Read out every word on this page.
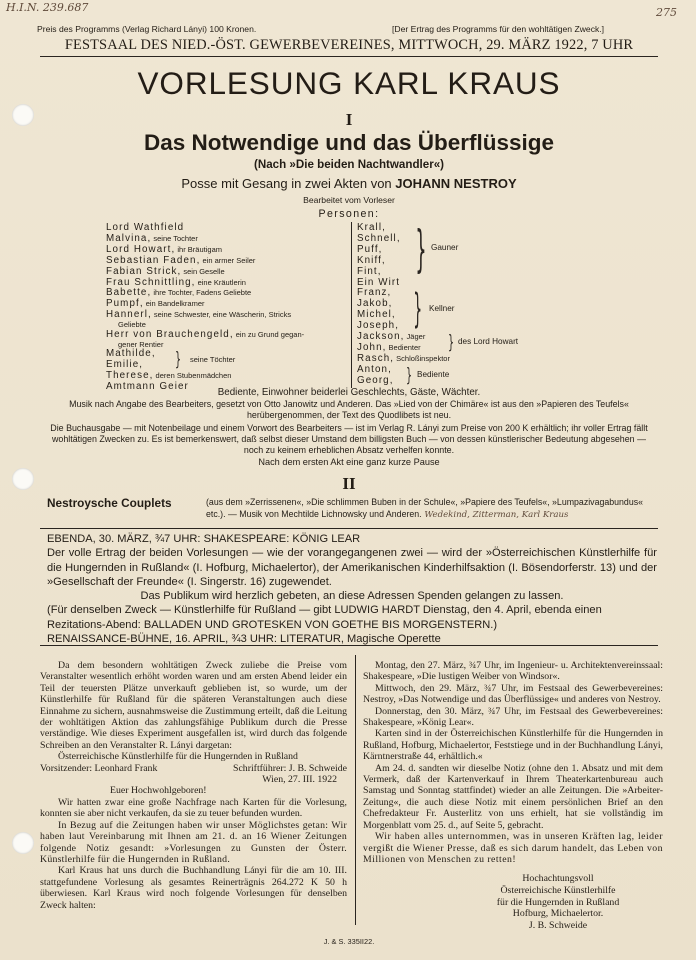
H.I.N. 239.687	275
Preis des Programms (Verlag Richard Lányi) 100 Kronen.	[Der Ertrag des Programms für den wohltätigen Zweck.]
FESTSAAL DES NIED.-ÖST. GEWERBEVEREINES, MITTWOCH, 29. MÄRZ 1922, 7 UHR
VORLESUNG KARL KRAUS
I
Das Notwendige und das Überflüssige
(Nach »Die beiden Nachtwandler«)
Posse mit Gesang in zwei Akten von JOHANN NESTROY
Bearbeitet vom Vorleser
Personen:
Lord Wathfield
Malvina, seine Tochter
Lord Howart, ihr Bräutigam
Sebastian Faden, ein armer Seiler
Fabian Strick, sein Geselle
Frau Schnittling, eine Kräutlerin
Babette, ihre Tochter, Fadens Geliebte
Pumpf, ein Bandelkramer
Hannerl, seine Schwester, eine Wäscherin, Stricks
Geliebte
Herr von Brauchengeld, ein zu Grund gegan-
gener Rentier
Mathilde,
Emilie,	} seine Töchter
Therese, deren Stubenmädchen
Amtmann Geier
Krall,
Schnell,
Puff,
Kniff,
Fint, } Gauner
Ein Wirt
Franz,
Jakob,
Michel,
Joseph, } Kellner
Jackson, Jäger
John, Bedienter	} des Lord Howart
Rasch, Schloßinspektor
Anton,
Georg, } Bediente
Bediente, Einwohner beiderlei Geschlechts, Gäste, Wächter.
Musik nach Angabe des Bearbeiters, gesetzt von Otto Janowitz und Anderen. Das »Lied von der Chimäre« ist aus den »Papieren des Teufels« herübergenommen, der Text des Quodlibets ist neu.
Die Buchausgabe — mit Notenbeilage und einem Vorwort des Bearbeiters — ist im Verlag R. Lányi zum Preise von 200 K erhältlich; ihr voller Ertrag fällt wohltätigen Zwecken zu. Es ist bemerkenswert, daß selbst dieser Umstand dem billigsten Buch — von dessen künstlerischer Bedeutung abgesehen — noch zu keinem erheblichen Absatz verhelfen konnte.
Nach dem ersten Akt eine ganz kurze Pause
II
Nestroysche Couplets	(aus dem »Zerrissenen«, »Die schlimmen Buben in der Schule«, »Papiere des Teufels«, »Lumpazivagabundus« etc.). — Musik von Mechtilde Lichnowsky und Anderen. Wedekind, Zitterman, Karl Kraus
EBENDA, 30. MÄRZ, ¾7 UHR: SHAKESPEARE: KÖNIG LEAR
Der volle Ertrag der beiden Vorlesungen — wie der vorangegangenen zwei — wird der »Österreichischen Künstlerhilfe für die Hungernden in Rußland« (I. Hofburg, Michaelertor), der Amerikanischen Kinderhilfsaktion (I. Bösendorferstr. 13) und der »Gesellschaft der Freunde« (I. Singerstr. 16) zugewendet.
Das Publikum wird herzlich gebeten, an diese Adressen Spenden gelangen zu lassen.
(Für denselben Zweck — Künstlerhilfe für Rußland — gibt LUDWIG HARDT Dienstag, den 4. April, ebenda einen Rezitations-Abend: BALLADEN UND GROTESKEN VON GOETHE BIS MORGENSTERN.)
RENAISSANCE-BÜHNE, 16. APRIL, ¾3 UHR: LITERATUR, Magische Operette

Da dem besondern wohltätigen Zweck zuliebe die Preise vom Veranstalter wesentlich erhöht worden waren und am ersten Abend leider ein Teil der teuersten Plätze unverkauft geblieben ist, so wurde, um der Künstlerhilfe für Rußland für die späteren Veranstaltungen auch diese Einnahme zu sichern, ausnahmsweise die Zustimmung erteilt, daß die Leitung der wohltätigen Aktion das zahlungsfähige Publikum durch die Presse verständige. Wie dieses Experiment ausgefallen ist, wird durch das folgende Schreiben an den Veranstalter R. Lányi dargetan:

Österreichische Künstlerhilfe für die Hungernden in Rußland

Vorsitzender: Leonhard Frank	Schriftführer: J. B. Schweide
Wien, 27. III. 1922
Euer Hochwohlgeboren!

Wir hatten zwar eine große Nachfrage nach Karten für die Vorlesung, konnten sie aber nicht verkaufen, da sie zu teuer befunden wurden.

In Bezug auf die Zeitungen haben wir unser Möglichstes getan: Wir haben laut Vereinbarung mit Ihnen am 21. d. an 16 Wiener Zeitungen folgende Notiz gesandt: »Vorlesungen zu Gunsten der Österr. Künstlerhilfe für die Hungernden in Rußland.

Karl Kraus hat uns durch die Buchhandlung Lányi für die am 10. III. stattgefundene Vorlesung als gesamtes Reinerträgnis 264.272 K 50 h überwiesen. Karl Kraus wird noch folgende Vorlesungen für denselben Zweck halten:

Montag, den 27. März, ¾7 Uhr, im Ingenieur- u. Architektenvereinssaal: Shakespeare, »Die lustigen Weiber von Windsor«.

Mittwoch, den 29. März, ¾7 Uhr, im Festsaal des Gewerbevereines: Nestroy, »Das Notwendige und das Überflüssige« und anderes von Nestroy.

Donnerstag, den 30. März, ¾7 Uhr, im Festsaal des Gewerbevereines: Shakespeare, »König Lear«.

Karten sind in der Österreichischen Künstlerhilfe für die Hungernden in Rußland, Hofburg, Michaelertor, Feststiege und in der Buchhandlung Lányi, Kärntnerstraße 44, erhältlich.«

Am 24. d. sandten wir dieselbe Notiz (ohne den 1. Absatz und mit dem Vermerk, daß der Kartenverkauf in Ihrem Theaterkartenbureau auch Samstag und Sonntag stattfindet) wieder an alle Zeitungen. Die »Arbeiter-Zeitung«, die auch diese Notiz mit einem persönlichen Brief an den Chefredakteur Fr. Austerlitz von uns erhielt, hat sie vollständig im Morgenblatt vom 25. d., auf Seite 5, gebracht.

Wir haben alles unternommen, was in unseren Kräften lag, leider vergißt die Wiener Presse, daß es sich darum handelt, das Leben von Millionen von Menschen zu retten!

Hochachtungsvoll
Österreichische Künstlerhilfe
für die Hungernden in Rußland
Hofburg, Michaelertor.
J. B. Schweide
J. & S. 335II22.
